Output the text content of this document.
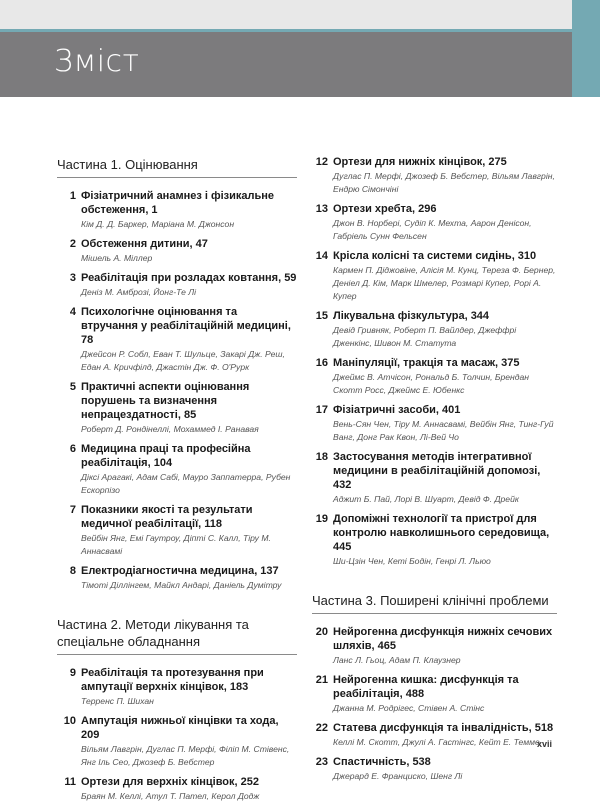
Зміст
Частина 1. Оцінювання
1 Фізіатричний анамнез і фізикальне обстеження, 1
Кім Д. Д. Баркер, Маріана М. Джонсон
2 Обстеження дитини, 47
Мішель А. Міллер
3 Реабілітація при розладах ковтання, 59
Деніз М. Амброзі, Йонг-Те Лі
4 Психологічне оцінювання та втручання у реабілітаційній медицині, 78
Джейсон Р. Собл, Еван Т. Шульце, Закарі Дж. Реш, Едан А. Кричфілд, Джастін Дж. Ф. О'Рурк
5 Практичні аспекти оцінювання порушень та визначення непрацездатності, 85
Роберт Д. Рондінеллі, Мохаммед І. Ранавая
6 Медицина праці та професійна реабілітація, 104
Діксі Арагакі, Адам Сабі, Мауро Заппатерра, Рубен Ескорпізо
7 Показники якості та результати медичної реабілітації, 118
Вейбін Янг, Емі Гаутроу, Діпті С. Калл, Тіру М. Аннасвамі
8 Електродіагностична медицина, 137
Тімоті Діллінгем, Майкл Андарі, Даніель Думітру
Частина 2. Методи лікування та спеціальне обладнання
9 Реабілітація та протезування при ампутації верхніх кінцівок, 183
Терренс П. Шихан
10 Ампутація нижньої кінцівки та хода, 209
Вільям Лавгрін, Дуглас П. Мерфі, Філіп М. Стівенс, Янг Іль Сео, Джозеф Б. Вебстер
11 Ортези для верхніх кінцівок, 252
Браян М. Келлі, Атул Т. Пател, Керол Додж
12 Ортези для нижніх кінцівок, 275
Дуглас П. Мерфі, Джозеф Б. Вебстер, Вільям Лавгрін, Ендрю Сімончіні
13 Ортези хребта, 296
Джон В. Норбері, Судіп К. Мехта, Аарон Денісон, Габріель Сунн Фельсен
14 Крісла колісні та системи сидінь, 310
Кармен П. Діджовіне, Алісія М. Кунц, Тереза Ф. Бернер, Деніел Д. Кім, Марк Шмелер, Розмарі Купер, Рорі А. Купер
15 Лікувальна фізкультура, 344
Девід Гривняк, Роберт П. Вайлдер, Джеффрі Дженкінс, Шивон М. Статута
16 Маніпуляції, тракція та масаж, 375
Джеймс В. Атчісон, Рональд Б. Толчин, Брендан Скотт Росс, Джеймс Е. Юбенкс
17 Фізіатричні засоби, 401
Вень-Сян Чен, Тіру М. Аннасвамі, Вейбін Янг, Тинг-Гуй Ванг, Донг Рак Квон, Лі-Вей Чо
18 Застосування методів інтегративної медицини в реабілітаційній допомозі, 432
Аджит Б. Пай, Лорі В. Шуарт, Девід Ф. Дрейк
19 Допоміжні технології та пристрої для контролю навколишнього середовища, 445
Ши-Цзін Чен, Кеті Бодін, Генрі Л. Льюо
Частина 3. Поширені клінічні проблеми
20 Нейрогенна дисфункція нижніх сечових шляхів, 465
Ланс Л. Гьоц, Адам П. Клаузнер
21 Нейрогенна кишка: дисфункція та реабілітація, 488
Джанна М. Родрігес, Стівен А. Стінс
22 Статева дисфункція та інвалідність, 518
Келлі М. Скотт, Джулі А. Гастінгс, Кейт Е. Темме
23 Спастичність, 538
Джерард Е. Франциско, Шенг Лі
xvii
